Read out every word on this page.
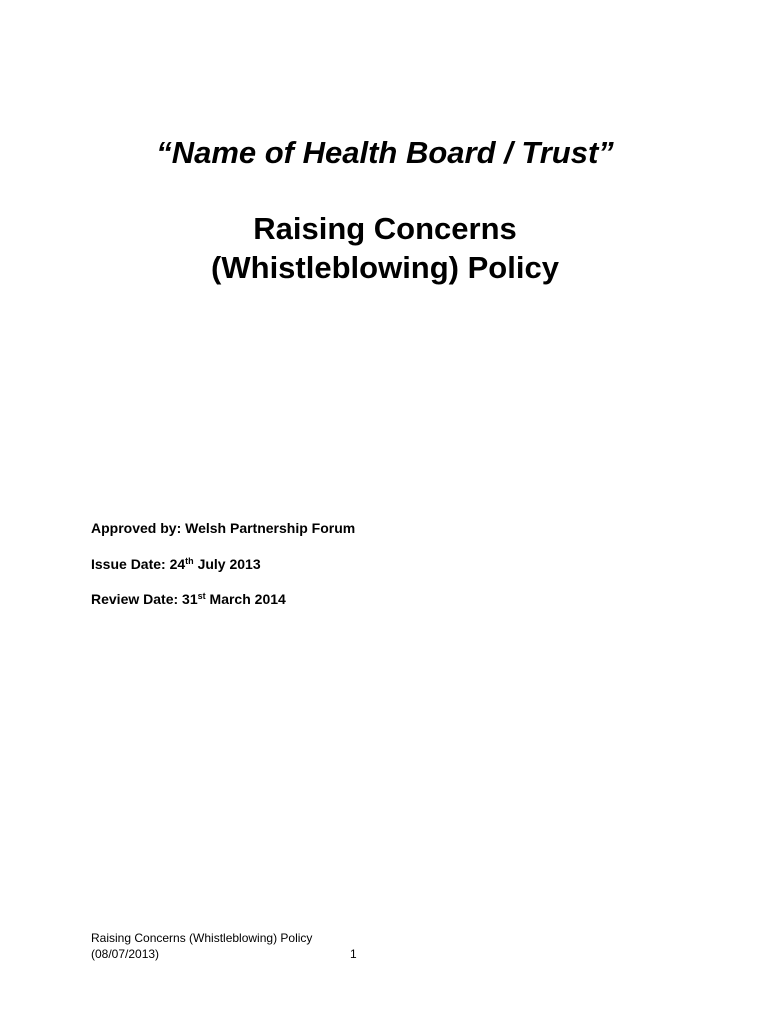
“Name of Health Board / Trust”
Raising Concerns
(Whistleblowing) Policy

Approved by: Welsh Partnership Forum

Issue Date: 24th July 2013

Review Date: 31st March 2014

Raising Concerns (Whistleblowing) Policy
(08/07/2013)	1
